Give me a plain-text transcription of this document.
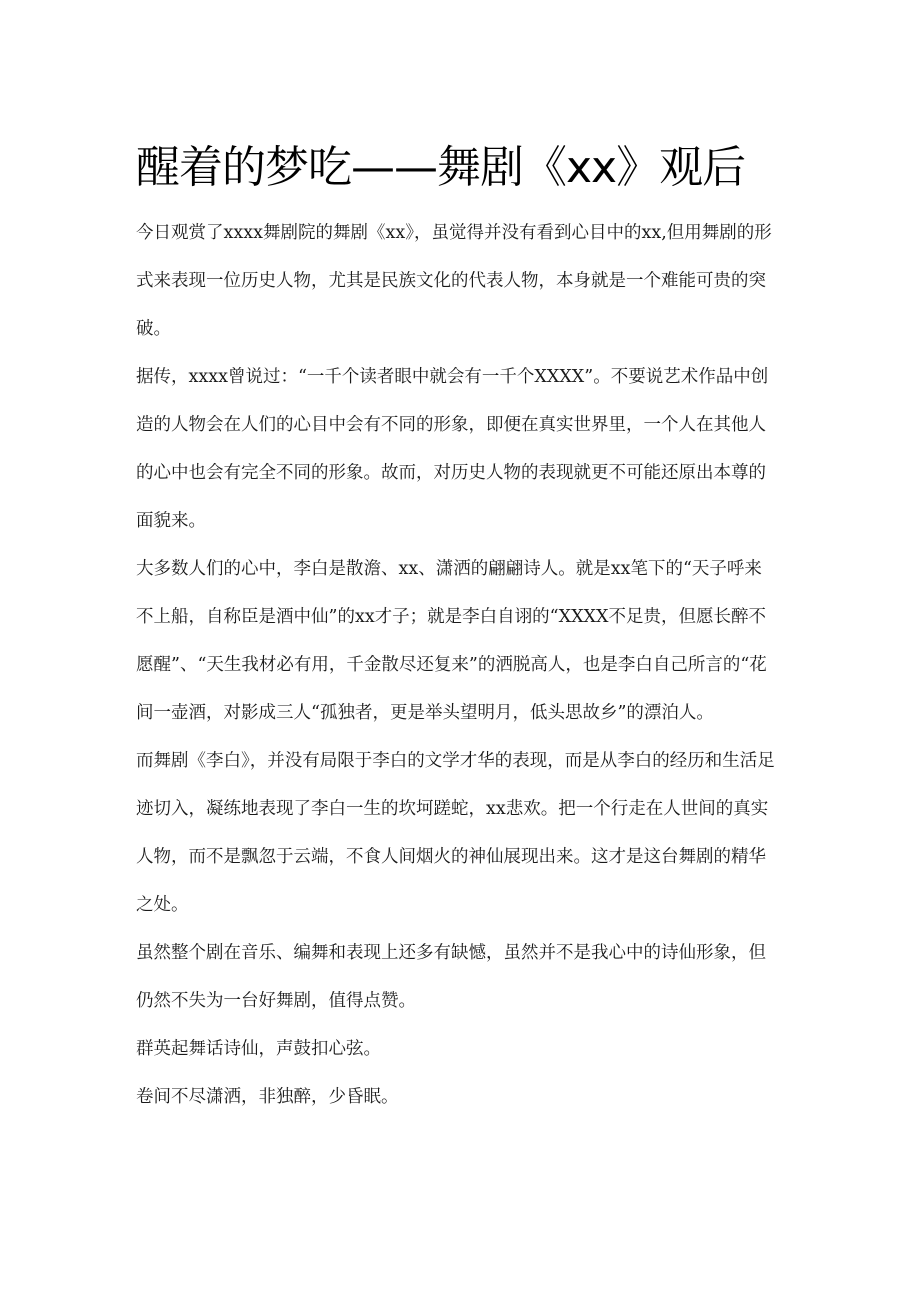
醒着的梦吃——舞剧《xx》观后

今日观赏了xxxx舞剧院的舞剧《xx》，虽觉得并没有看到心目中的xx,但用舞剧的形式来表现一位历史人物，尤其是民族文化的代表人物，本身就是一个难能可贵的突破。

据传，xxxx曾说过：“一千个读者眼中就会有一千个XXXX”。不要说艺术作品中创造的人物会在人们的心目中会有不同的形象，即便在真实世界里，一个人在其他人的心中也会有完全不同的形象。故而，对历史人物的表现就更不可能还原出本尊的面貌来。

大多数人们的心中，李白是散澹、xx、潇洒的翩翩诗人。就是xx笔下的“天子呼来不上船，自称臣是酒中仙”的xx才子；就是李白自诩的“XXXX不足贵，但愿长醉不愿醒”、“天生我材必有用，千金散尽还复来”的洒脱高人，也是李白自己所言的“花间一壶酒，对影成三人“孤独者，更是举头望明月，低头思故乡”的漂泊人。

而舞剧《李白》，并没有局限于李白的文学才华的表现，而是从李白的经历和生活足迹切入，凝练地表现了李白一生的坎坷蹉蛇，xx悲欢。把一个行走在人世间的真实人物，而不是飘忽于云端，不食人间烟火的神仙展现出来。这才是这台舞剧的精华之处。

虽然整个剧在音乐、编舞和表现上还多有缺憾，虽然并不是我心中的诗仙形象，但仍然不失为一台好舞剧，值得点赞。

群英起舞话诗仙，声鼓扣心弦。

卷间不尽潇洒，非独醉，少昏眠。
